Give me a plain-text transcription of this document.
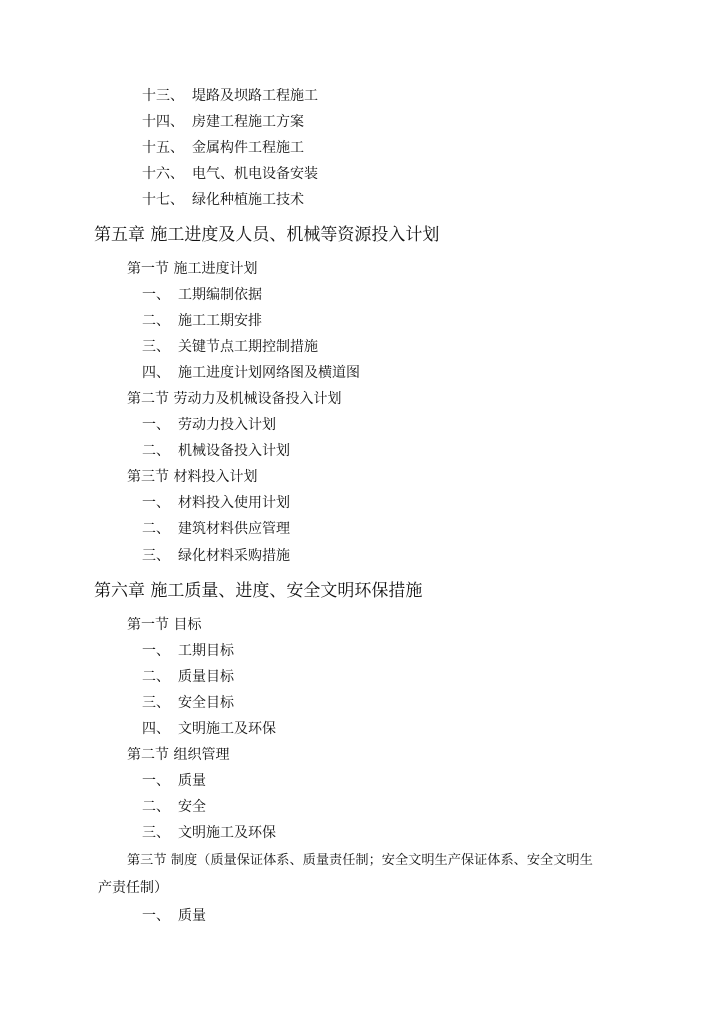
十三、 堤路及坝路工程施工
十四、 房建工程施工方案
十五、 金属构件工程施工
十六、 电气、机电设备安装
十七、 绿化种植施工技术
第五章 施工进度及人员、机械等资源投入计划
第一节 施工进度计划
一、 工期编制依据
二、 施工工期安排
三、 关键节点工期控制措施
四、 施工进度计划网络图及横道图
第二节 劳动力及机械设备投入计划
一、 劳动力投入计划
二、 机械设备投入计划
第三节 材料投入计划
一、 材料投入使用计划
二、 建筑材料供应管理
三、 绿化材料采购措施
第六章 施工质量、进度、安全文明环保措施
第一节 目标
一、 工期目标
二、 质量目标
三、 安全目标
四、 文明施工及环保
第二节 组织管理
一、 质量
二、 安全
三、 文明施工及环保
第三节 制度（质量保证体系、质量责任制；安全文明生产保证体系、安全文明生
产责任制）
一、 质量
